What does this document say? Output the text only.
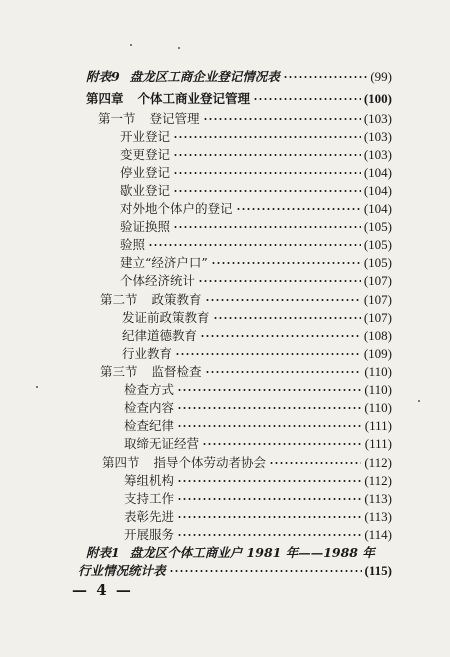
附表9 盘龙区工商企业登记情况表	(99)
第四章 个体工商业登记管理	(100)
第一节 登记管理	(103)
开业登记	(103)
变更登记	(103)
停业登记	(104)
歇业登记	(104)
对外地个体户的登记	(104)
验证换照	(105)
验照	(105)
建立“经济户口”	(105)
个体经济统计	(107)
第二节 政策教育	(107)
发证前政策教育	(107)
纪律道德教育	(108)
行业教育	(109)
第三节 监督检查	(110)
检查方式	(110)
检查内容	(110)
检查纪律	(111)
取缔无证经营	(111)
第四节 指导个体劳动者协会	(112)
筹组机构	(112)
支持工作	(113)
表彰先进	(113)
开展服务	(114)
附表1 盘龙区个体工商业户 1981 年——1988 年
行业情况统计表	(115)
— 4 —
